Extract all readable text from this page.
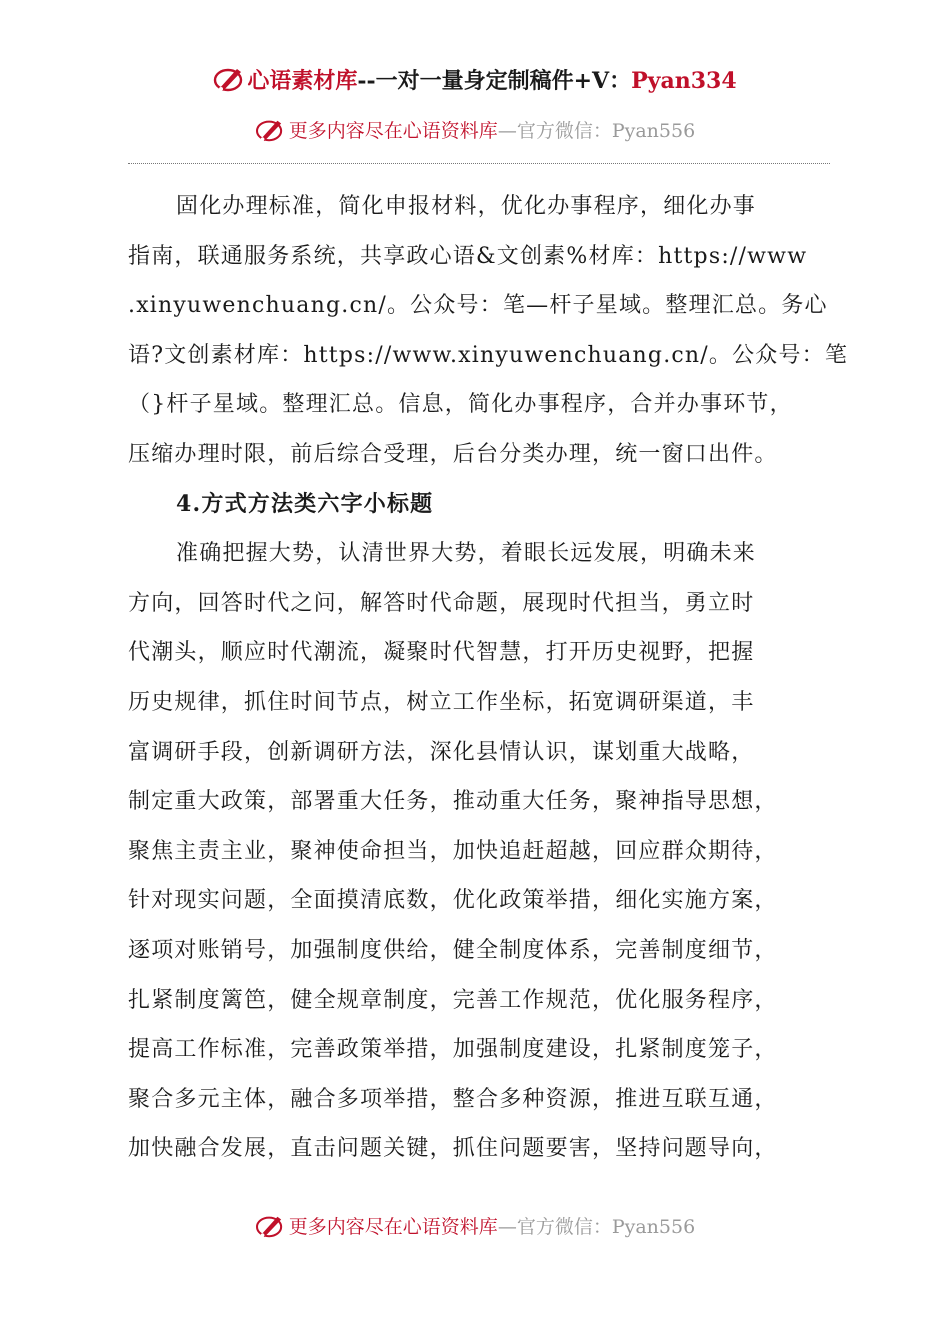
心语素材库--一对一量身定制稿件+V：Pyan334
更多内容尽在心语资料库—官方微信：Pyan556
固化办理标准，简化申报材料，优化办事程序，细化办事
指南，联通服务系统，共享政心语&文创素%材库：https://www
.xinyuwenchuang.cn/。公众号：笔—杆子星域。整理汇总。务心
语?文创素材库：https://www.xinyuwenchuang.cn/。公众号：笔
（}杆子星域。整理汇总。信息，简化办事程序，合并办事环节，
压缩办理时限，前后综合受理，后台分类办理，统一窗口出件。
4.方式方法类六字小标题
准确把握大势，认清世界大势，着眼长远发展，明确未来
方向，回答时代之问，解答时代命题，展现时代担当，勇立时
代潮头，顺应时代潮流，凝聚时代智慧，打开历史视野，把握
历史规律，抓住时间节点，树立工作坐标，拓宽调研渠道，丰
富调研手段，创新调研方法，深化县情认识，谋划重大战略，
制定重大政策，部署重大任务，推动重大任务，聚神指导思想，
聚焦主责主业，聚神使命担当，加快追赶超越，回应群众期待，
针对现实问题，全面摸清底数，优化政策举措，细化实施方案，
逐项对账销号，加强制度供给，健全制度体系，完善制度细节，
扎紧制度篱笆，健全规章制度，完善工作规范，优化服务程序，
提高工作标准，完善政策举措，加强制度建设，扎紧制度笼子，
聚合多元主体，融合多项举措，整合多种资源，推进互联互通，
加快融合发展，直击问题关键，抓住问题要害，坚持问题导向，
更多内容尽在心语资料库—官方微信：Pyan556
